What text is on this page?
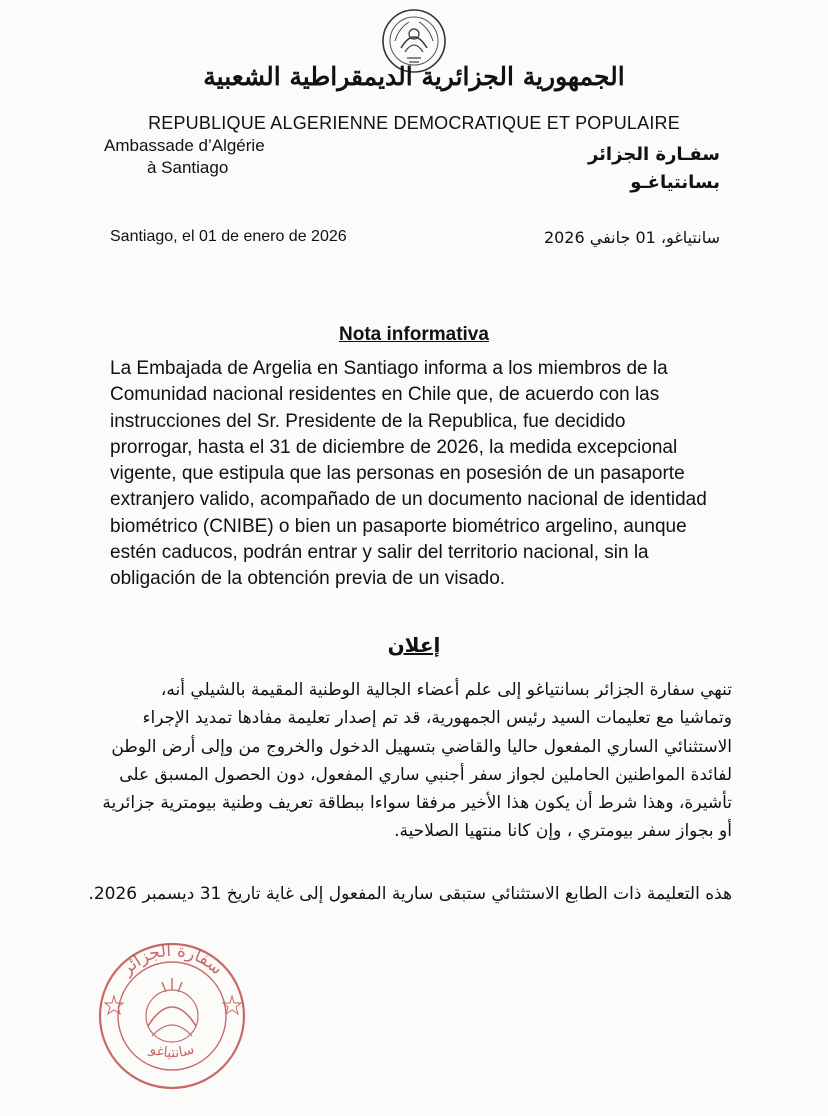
الجمهورية الجزائرية الديمقراطية الشعبية
REPUBLIQUE ALGERIENNE DEMOCRATIQUE ET POPULAIRE
Ambassade d’Algérie
à Santiago
سفـارة الجزائر
بسانتياغـو
Santiago, el 01 de enero de 2026	سانتياغو، 01 جانفي 2026
Nota informativa
La Embajada de Argelia en Santiago informa a los miembros de la
Comunidad nacional residentes en Chile que, de acuerdo con las
instrucciones del Sr. Presidente de la Republica, fue decidido
prorrogar, hasta el 31 de diciembre de 2026, la medida excepcional
vigente, que estipula que las personas en posesión de un pasaporte
extranjero valido, acompañado de un documento nacional de identidad
biométrico (CNIBE) o bien un pasaporte biométrico argelino, aunque
estén caducos, podrán entrar y salir del territorio nacional, sin la
obligación de la obtención previa de un visado.
إعلان
تنهي سفارة الجزائر بسانتياغو إلى علم أعضاء الجالية الوطنية المقيمة بالشيلي أنه،
وتماشيا مع تعليمات السيد رئيس الجمهورية، قد تم إصدار تعليمة مفادها تمديد الإجراء
الاستثنائي الساري المفعول حاليا والقاضي بتسهيل الدخول والخروج من وإلى أرض الوطن
لفائدة المواطنين الحاملين لجواز سفر أجنبي ساري المفعول، دون الحصول المسبق على
تأشيرة، وهذا شرط أن يكون هذا الأخير مرفقا سواءا ببطاقة تعريف وطنية بيومترية جزائرية
أو بجواز سفر بيومتري ، وإن كانا منتهيا الصلاحية.
هذه التعليمة ذات الطابع الاستثنائي ستبقى سارية المفعول إلى غاية تاريخ 31 ديسمبر 2026.
سفارة الجزائر
سانتياغو
